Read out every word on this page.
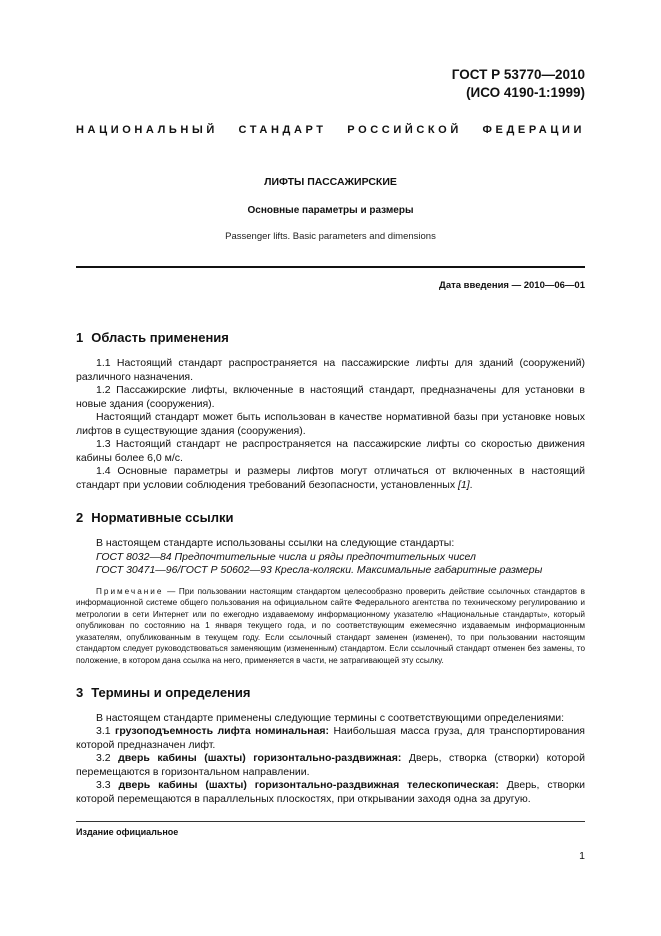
ГОСТ Р 53770—2010
(ИСО 4190-1:1999)
НАЦИОНАЛЬНЫЙ СТАНДАРТ РОССИЙСКОЙ ФЕДЕРАЦИИ
ЛИФТЫ ПАССАЖИРСКИЕ
Основные параметры и размеры
Passenger lifts. Basic parameters and dimensions
Дата введения — 2010—06—01
1 Область применения

1.1 Настоящий стандарт распространяется на пассажирские лифты для зданий (сооружений) различного назначения.

1.2 Пассажирские лифты, включенные в настоящий стандарт, предназначены для установки в новые здания (сооружения).

Настоящий стандарт может быть использован в качестве нормативной базы при установке новых лифтов в существующие здания (сооружения).

1.3 Настоящий стандарт не распространяется на пассажирские лифты со скоростью движения кабины более 6,0 м/с.

1.4 Основные параметры и размеры лифтов могут отличаться от включенных в настоящий стандарт при условии соблюдения требований безопасности, установленных [1].

2 Нормативные ссылки

В настоящем стандарте использованы ссылки на следующие стандарты:

ГОСТ 8032—84 Предпочтительные числа и ряды предпочтительных чисел

ГОСТ 30471—96/ГОСТ Р 50602—93 Кресла-коляски. Максимальные габаритные размеры

Примечание — При пользовании настоящим стандартом целесообразно проверить действие ссылочных стандартов в информационной системе общего пользования на официальном сайте Федерального агентства по техническому регулированию и метрологии в сети Интернет или по ежегодно издаваемому информационному указателю «Национальные стандарты», который опубликован по состоянию на 1 января текущего года, и по соответствующим ежемесячно издаваемым информационным указателям, опубликованным в текущем году. Если ссылочный стандарт заменен (изменен), то при пользовании настоящим стандартом следует руководствоваться заменяющим (измененным) стандартом. Если ссылочный стандарт отменен без замены, то положение, в котором дана ссылка на него, применяется в части, не затрагивающей эту ссылку.

3 Термины и определения

В настоящем стандарте применены следующие термины с соответствующими определениями:

3.1 грузоподъемность лифта номинальная: Наибольшая масса груза, для транспортирования которой предназначен лифт.

3.2 дверь кабины (шахты) горизонтально-раздвижная: Дверь, створка (створки) которой перемещаются в горизонтальном направлении.

3.3 дверь кабины (шахты) горизонтально-раздвижная телескопическая: Дверь, створки которой перемещаются в параллельных плоскостях, при открывании заходя одна за другую.

Издание официальное
1
